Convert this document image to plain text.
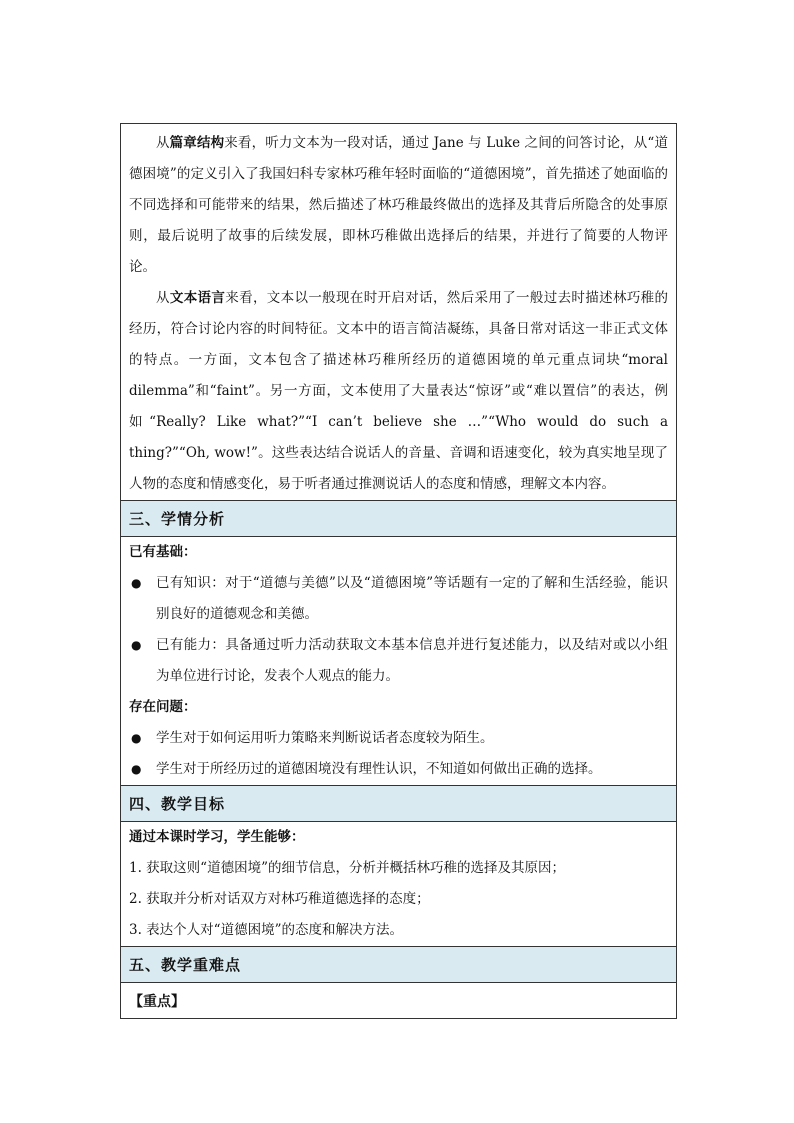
从篇章结构来看，听力文本为一段对话，通过 Jane 与 Luke 之间的问答讨论，从“道德困境”的定义引入了我国妇科专家林巧稚年轻时面临的“道德困境”，首先描述了她面临的不同选择和可能带来的结果，然后描述了林巧稚最终做出的选择及其背后所隐含的处事原则，最后说明了故事的后续发展，即林巧稚做出选择后的结果，并进行了简要的人物评论。

从文本语言来看，文本以一般现在时开启对话，然后采用了一般过去时描述林巧稚的经历，符合讨论内容的时间特征。文本中的语言简洁凝练，具备日常对话这一非正式文体的特点。一方面，文本包含了描述林巧稚所经历的道德困境的单元重点词块“moral dilemma”和“faint”。另一方面，文本使用了大量表达“惊讶”或“难以置信”的表达，例如“Really? Like what?”“I can’t believe she …”“Who would do such a thing?”“Oh, wow!”。这些表达结合说话人的音量、音调和语速变化，较为真实地呈现了人物的态度和情感变化，易于听者通过推测说话人的态度和情感，理解文本内容。

三、学情分析

已有基础：

● 已有知识：对于“道德与美德”以及“道德困境”等话题有一定的了解和生活经验，能识别良好的道德观念和美德。

● 已有能力：具备通过听力活动获取文本基本信息并进行复述能力，以及结对或以小组为单位进行讨论，发表个人观点的能力。

存在问题：

● 学生对于如何运用听力策略来判断说话者态度较为陌生。

● 学生对于所经历过的道德困境没有理性认识，不知道如何做出正确的选择。

四、教学目标

通过本课时学习，学生能够：

1. 获取这则“道德困境”的细节信息，分析并概括林巧稚的选择及其原因；

2. 获取并分析对话双方对林巧稚道德选择的态度；

3. 表达个人对“道德困境”的态度和解决方法。

五、教学重难点
【重点】
